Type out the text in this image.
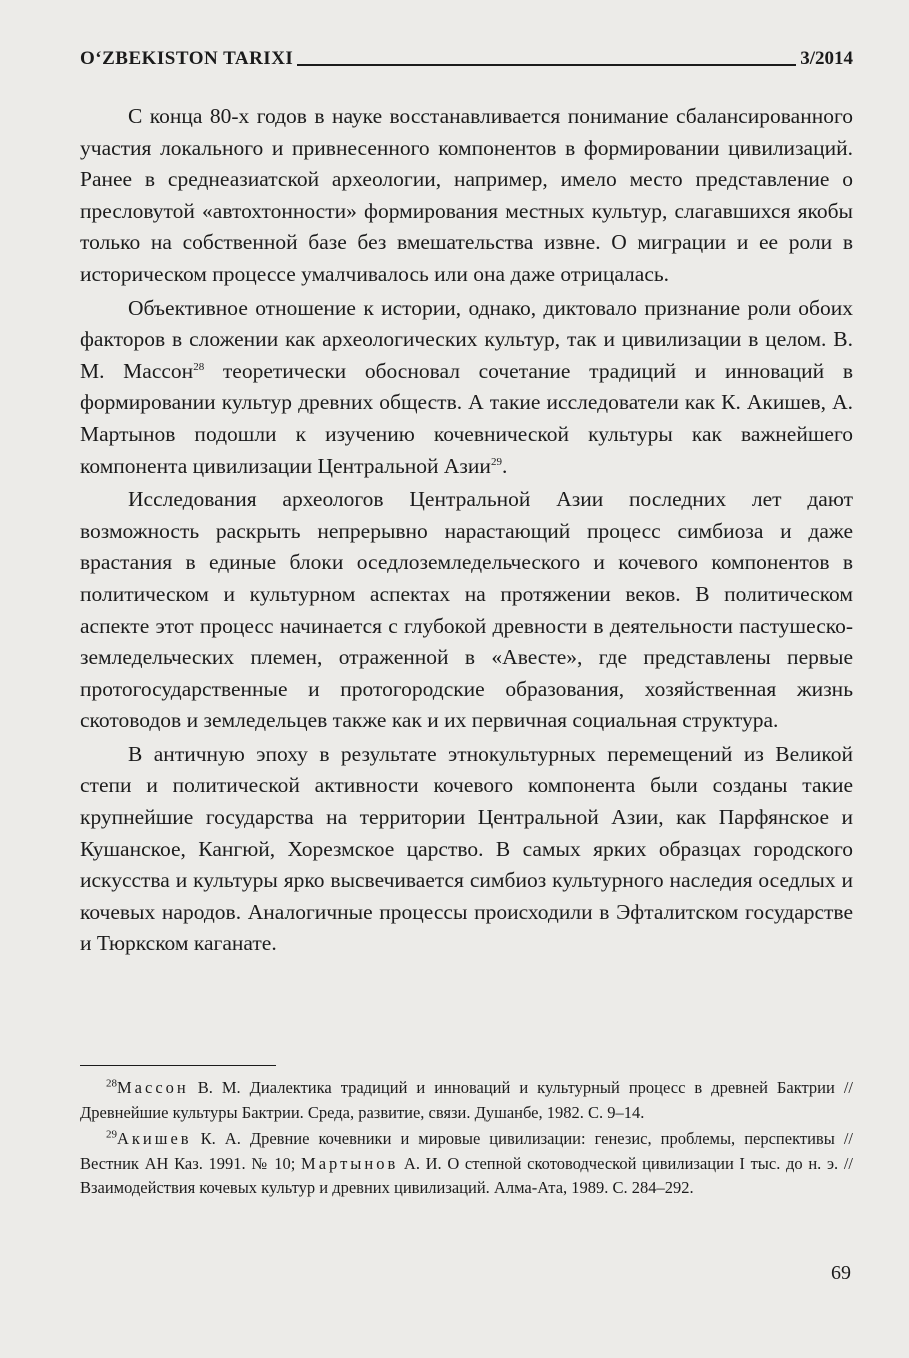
O‘ZBEKISTON TARIXI	3/2014

С конца 80-х годов в науке восстанавливается понимание сбалансированного участия локального и привнесенного компонентов в формировании цивилизаций. Ранее в среднеазиатской археологии, например, имело место представление о пресловутой «автохтонности» формирования местных культур, слагавшихся якобы только на собственной базе без вмешательства извне. О миграции и ее роли в историческом процессе умалчивалось или она даже отрицалась.

Объективное отношение к истории, однако, диктовало признание роли обоих факторов в сложении как археологических культур, так и цивилизации в целом. В. М. Массон$^{28}$ теоретически обосновал сочетание традиций и инноваций в формировании культур древних обществ. А такие исследователи как К. Акишев, А. Мартынов подошли к изучению кочевнической культуры как важнейшего компонента цивилизации Центральной Азии$^{29}$.

Исследования археологов Центральной Азии последних лет дают возможность раскрыть непрерывно нарастающий процесс симбиоза и даже врастания в единые блоки оседлоземледельческого и кочевого компонентов в политическом и культурном аспектах на протяжении веков. В политическом аспекте этот процесс начинается с глубокой древности в деятельности пастушеско-земледельческих племен, отраженной в «Авесте», где представлены первые протогосударственные и протогородские образования, хозяйственная жизнь скотоводов и земледельцев также как и их первичная социальная структура.

В античную эпоху в результате этнокультурных перемещений из Великой степи и политической активности кочевого компонента были созданы такие крупнейшие государства на территории Центральной Азии, как Парфянское и Кушанское, Кангюй, Хорезмское царство. В самых ярких образцах городского искусства и культуры ярко высвечивается симбиоз культурного наследия оседлых и кочевых народов. Аналогичные процессы происходили в Эфталитском государстве и Тюркском каганате.

$^{28}$Массон В. М. Диалектика традиций и инноваций и культурный процесс в древней Бактрии // Древнейшие культуры Бактрии. Среда, развитие, связи. Душанбе, 1982. С. 9–14.

$^{29}$Акишев К. А. Древние кочевники и мировые цивилизации: генезис, проблемы, перспективы // Вестник АН Каз. 1991. № 10; Мартынов А. И. О степной скотоводческой цивилизации I тыс. до н. э. // Взаимодействия кочевых культур и древних цивилизаций. Алма-Ата, 1989. С. 284–292.

69
